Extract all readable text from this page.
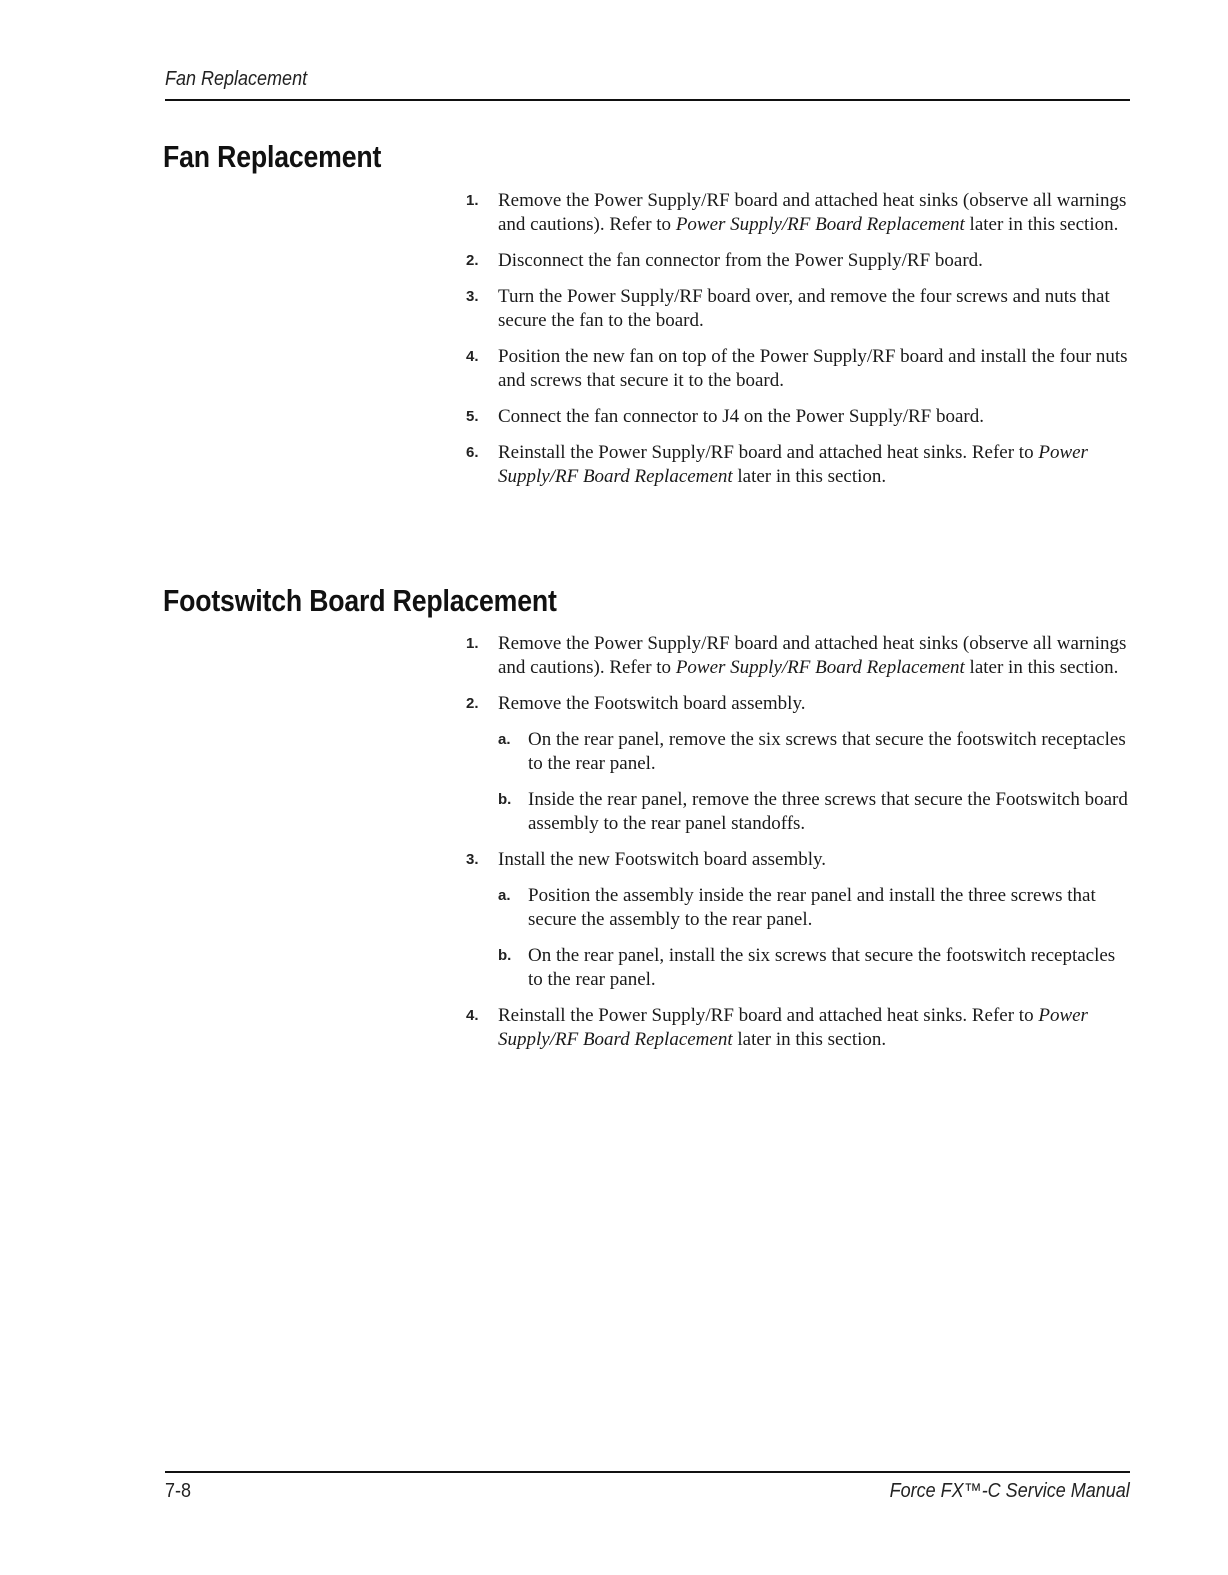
Fan Replacement
Fan Replacement
1. Remove the Power Supply/RF board and attached heat sinks (observe all warnings and cautions). Refer to Power Supply/RF Board Replacement later in this section.
2. Disconnect the fan connector from the Power Supply/RF board.
3. Turn the Power Supply/RF board over, and remove the four screws and nuts that secure the fan to the board.
4. Position the new fan on top of the Power Supply/RF board and install the four nuts and screws that secure it to the board.
5. Connect the fan connector to J4 on the Power Supply/RF board.
6. Reinstall the Power Supply/RF board and attached heat sinks. Refer to Power Supply/RF Board Replacement later in this section.
Footswitch Board Replacement
1. Remove the Power Supply/RF board and attached heat sinks (observe all warnings and cautions). Refer to Power Supply/RF Board Replacement later in this section.
2. Remove the Footswitch board assembly.
a. On the rear panel, remove the six screws that secure the footswitch receptacles to the rear panel.
b. Inside the rear panel, remove the three screws that secure the Footswitch board assembly to the rear panel standoffs.
3. Install the new Footswitch board assembly.
a. Position the assembly inside the rear panel and install the three screws that secure the assembly to the rear panel.
b. On the rear panel, install the six screws that secure the footswitch receptacles to the rear panel.
4. Reinstall the Power Supply/RF board and attached heat sinks. Refer to Power Supply/RF Board Replacement later in this section.
7-8	Force FX™-C Service Manual
